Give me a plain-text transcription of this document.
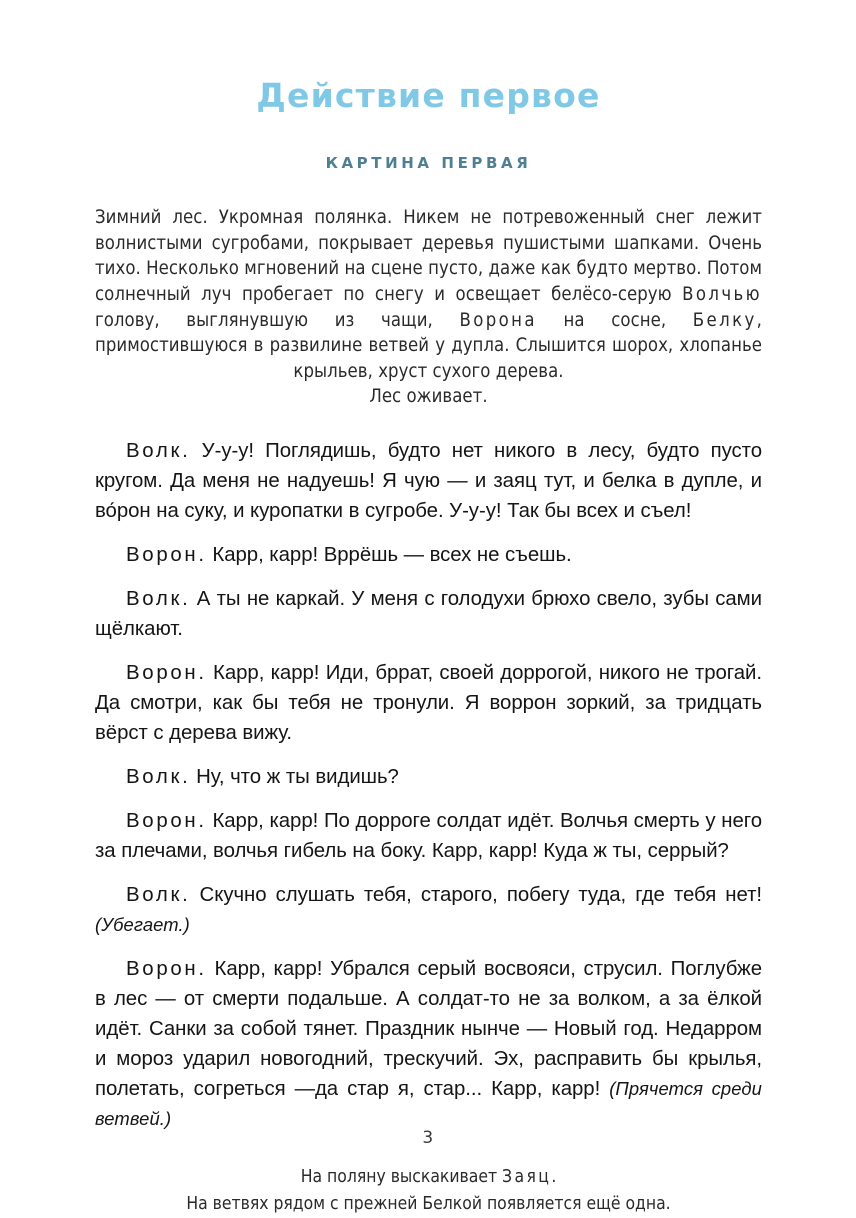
Действие первое
КАРТИНА ПЕРВАЯ

Зимний лес. Укромная полянка. Никем не потревоженный снег лежит волнистыми сугробами, покрывает деревья пушистыми шапками. Очень тихо. Несколько мгновений на сцене пусто, даже как будто мертво. Потом солнечный луч пробегает по снегу и освещает белёсо-серую Волчью голову, выглянувшую из чащи, Ворона на сосне, Белку, примостившуюся в развилине ветвей у дупла. Слышится шорох, хлопанье крыльев, хруст сухого дерева.

Лес оживает.

Волк. У-у-у! Поглядишь, будто нет никого в лесу, будто пусто кругом. Да меня не надуешь! Я чую — и заяц тут, и белка в дупле, и во́рон на суку, и куропатки в сугробе. У-у-у! Так бы всех и съел!

Ворон. Карр, карр! Вррёшь — всех не съешь.

Волк. А ты не каркай. У меня с голодухи брюхо свело, зубы сами щёлкают.

Ворон. Карр, карр! Иди, бррат, своей доррогой, никого не трогай. Да смотри, как бы тебя не тронули. Я воррон зоркий, за тридцать вёрст с дерева вижу.

Волк. Ну, что ж ты видишь?

Ворон. Карр, карр! По дорроге солдат идёт. Волчья смерть у него за плечами, волчья гибель на боку. Карр, карр! Куда ж ты, серрый?

Волк. Скучно слушать тебя, старого, побегу туда, где тебя нет! (Убегает.)

Ворон. Карр, карр! Убрался серый восвояси, струсил. Поглубже в лес — от смерти подальше. А солдат-то не за волком, а за ёлкой идёт. Санки за собой тянет. Праздник нынче — Новый год. Недарром и мороз ударил новогодний, трескучий. Эх, расправить бы крылья, полетать, согреться —да стар я, стар... Карр, карр! (Прячется среди ветвей.)

На поляну выскакивает Заяц.
На ветвях рядом с прежней Белкой появляется ещё одна.

3
